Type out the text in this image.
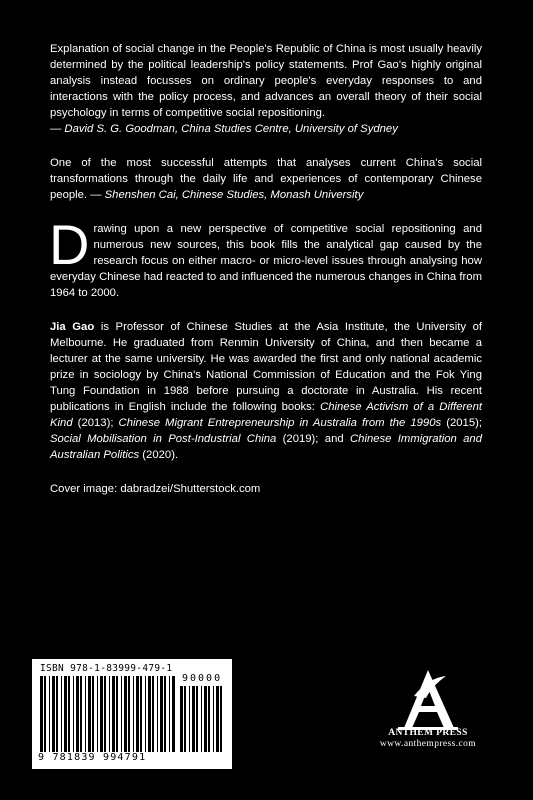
Explanation of social change in the People's Republic of China is most usually heavily determined by the political leadership's policy statements. Prof Gao's highly original analysis instead focusses on ordinary people's everyday responses to and interactions with the policy process, and advances an overall theory of their social psychology in terms of competitive social repositioning.
— David S. G. Goodman, China Studies Centre, University of Sydney

One of the most successful attempts that analyses current China's social transformations through the daily life and experiences of contemporary Chinese people. — Shenshen Cai, Chinese Studies, Monash University

Drawing upon a new perspective of competitive social repositioning and numerous new sources, this book fills the analytical gap caused by the research focus on either macro- or micro-level issues through analysing how everyday Chinese had reacted to and influenced the numerous changes in China from 1964 to 2000.

Jia Gao is Professor of Chinese Studies at the Asia Institute, the University of Melbourne. He graduated from Renmin University of China, and then became a lecturer at the same university. He was awarded the first and only national academic prize in sociology by China's National Commission of Education and the Fok Ying Tung Foundation in 1988 before pursuing a doctorate in Australia. His recent publications in English include the following books: Chinese Activism of a Different Kind (2013); Chinese Migrant Entrepreneurship in Australia from the 1990s (2015); Social Mobilisation in Post-Industrial China (2019); and Chinese Immigration and Australian Politics (2020).

Cover image: dabradzei/Shutterstock.com

ISBN 978-1-83999-479-1
90000
9 781839 994791
ANTHEM PRESS
www.anthempress.com
